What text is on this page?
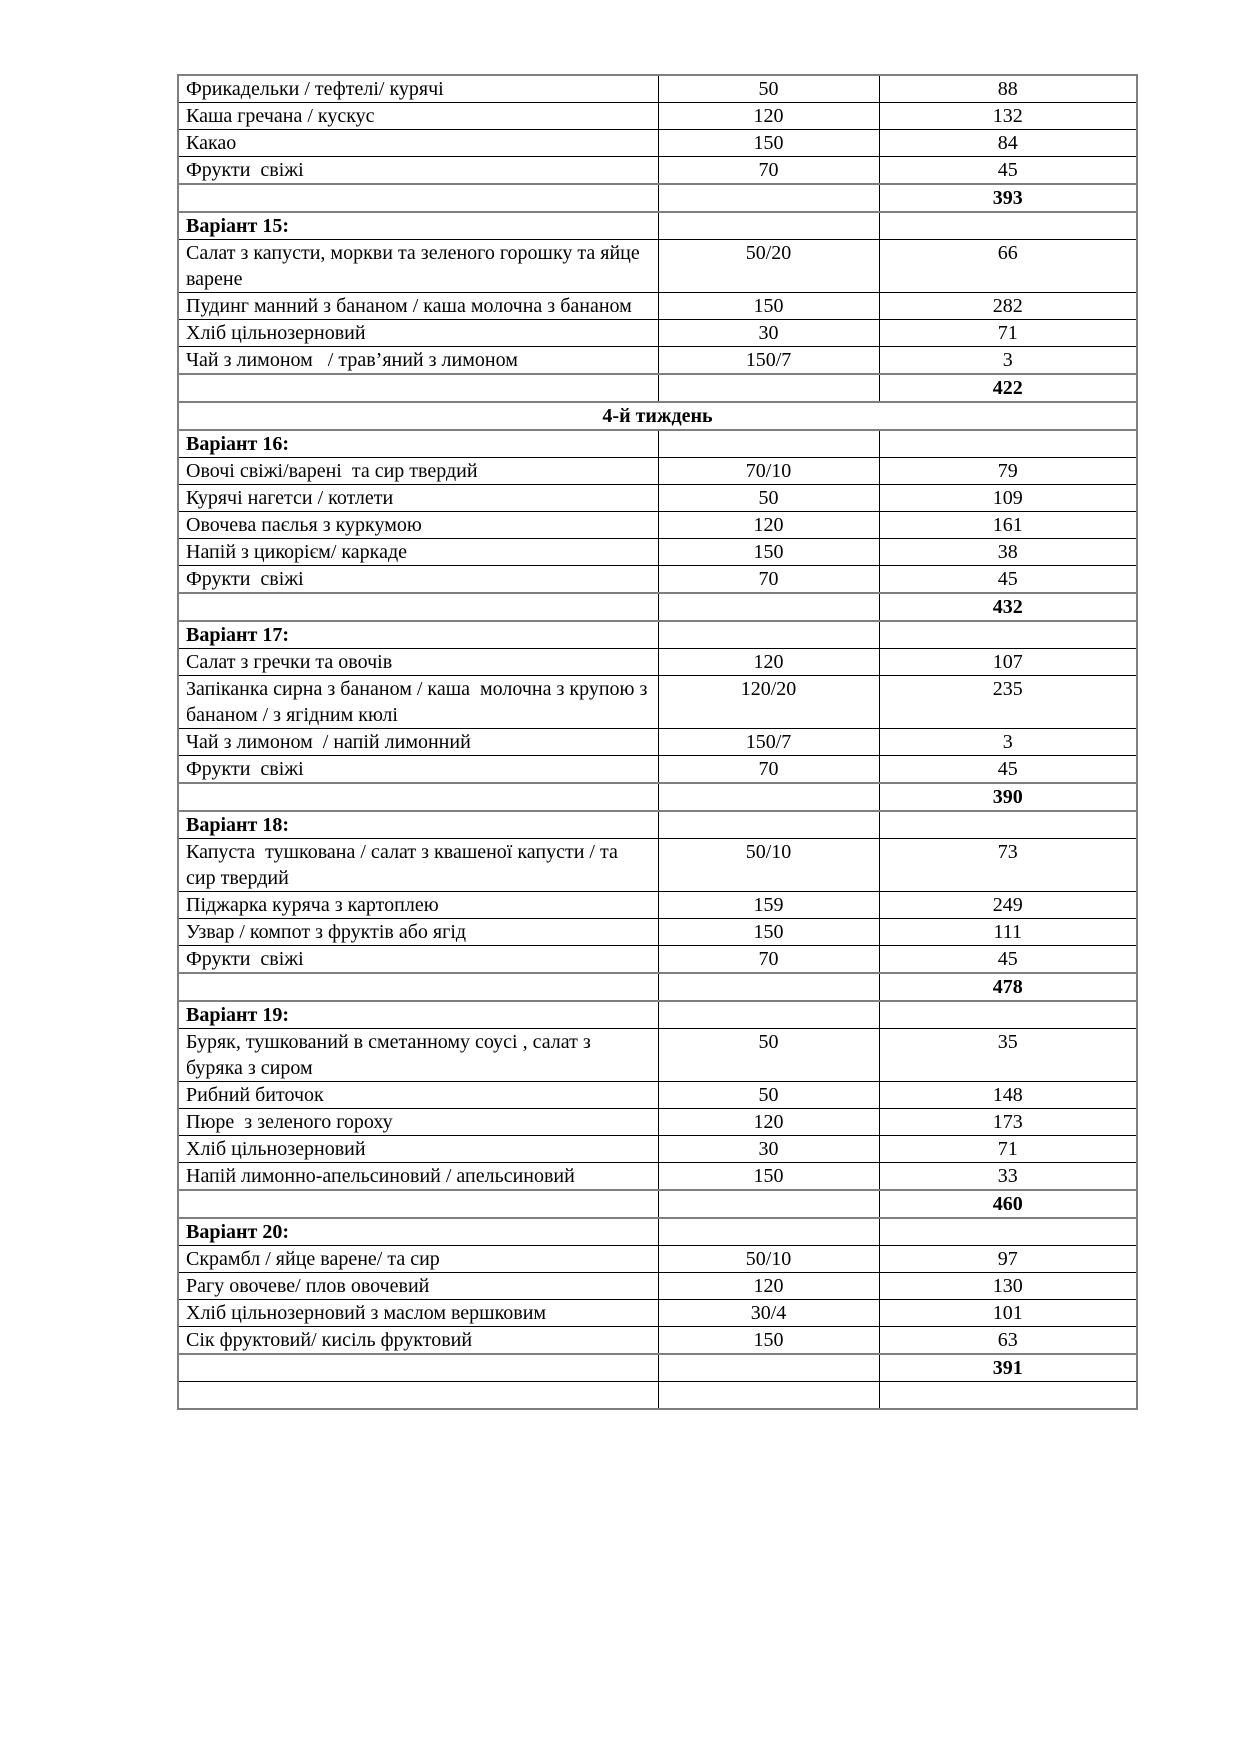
Фрикадельки / тефтелі/ курячі	50	88
Каша гречана / кускус	120	132
Какао	150	84
Фрукти  свіжі	70	45
		393
Варіант 15:		
Салат з капусти, моркви та зеленого горошку та яйце варене	50/20	66
Пудинг манний з бананом / каша молочна з бананом	150	282
Хліб цільнозерновий	30	71
Чай з лимоном   / трав’яний з лимоном	150/7	3
		422
4-й тиждень		
Варіант 16:		
Овочі свіжі/варені  та сир твердий	70/10	79
Курячі нагетси / котлети	50	109
Овочева паєлья з куркумою	120	161
Напій з цикорієм/ каркаде	150	38
Фрукти  свіжі	70	45
		432
Варіант 17:		
Салат з гречки та овочів	120	107
Запіканка сирна з бананом / каша  молочна з крупою з бананом / з ягідним кюлі	120/20	235
Чай з лимоном  / напій лимонний	150/7	3
Фрукти  свіжі	70	45
		390
Варіант 18:		
Капуста  тушкована / салат з квашеної капусти / та сир твердий	50/10	73
Піджарка куряча з картоплею	159	249
Узвар / компот з фруктів або ягід	150	111
Фрукти  свіжі	70	45
		478
Варіант 19:		
Буряк, тушкований в сметанному соусі , салат з буряка з сиром	50	35
Рибний биточок	50	148
Пюре  з зеленого гороху	120	173
Хліб цільнозерновий	30	71
Напій лимонно-апельсиновий / апельсиновий	150	33
		460
Варіант 20:		
Скрамбл / яйце варене/ та сир	50/10	97
Рагу овочеве/ плов овочевий	120	130
Хліб цільнозерновий з маслом вершковим	30/4	101
Сік фруктовий/ кисіль фруктовий	150	63
		391
